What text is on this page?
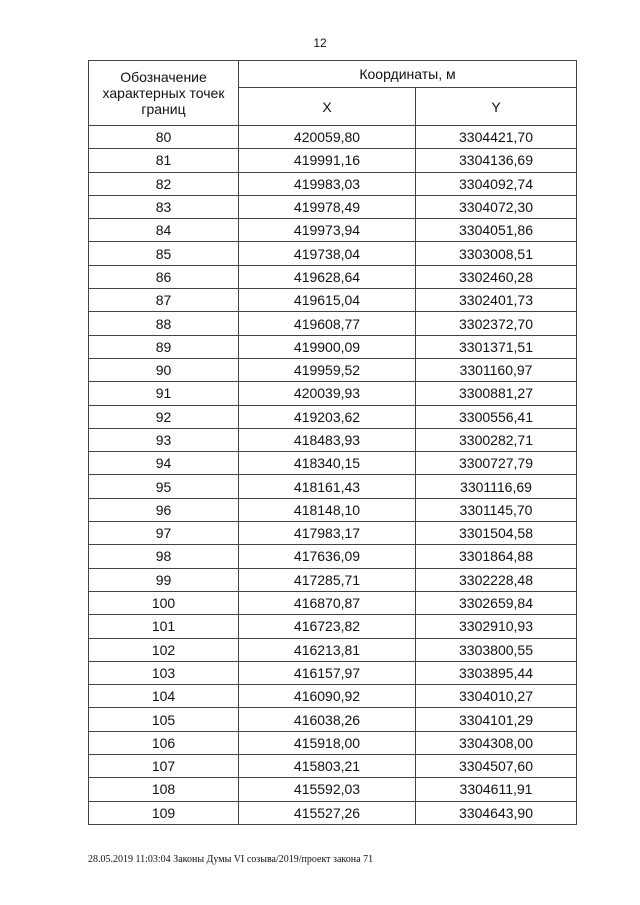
12
Обозначение характерных точек границ	Координаты, м	
	X	Y
80	420059,80	3304421,70
81	419991,16	3304136,69
82	419983,03	3304092,74
83	419978,49	3304072,30
84	419973,94	3304051,86
85	419738,04	3303008,51
86	419628,64	3302460,28
87	419615,04	3302401,73
88	419608,77	3302372,70
89	419900,09	3301371,51
90	419959,52	3301160,97
91	420039,93	3300881,27
92	419203,62	3300556,41
93	418483,93	3300282,71
94	418340,15	3300727,79
95	418161,43	3301116,69
96	418148,10	3301145,70
97	417983,17	3301504,58
98	417636,09	3301864,88
99	417285,71	3302228,48
100	416870,87	3302659,84
101	416723,82	3302910,93
102	416213,81	3303800,55
103	416157,97	3303895,44
104	416090,92	3304010,27
105	416038,26	3304101,29
106	415918,00	3304308,00
107	415803,21	3304507,60
108	415592,03	3304611,91
109	415527,26	3304643,90
28.05.2019 11:03:04 Законы Думы VI созыва/2019/проект закона 71
